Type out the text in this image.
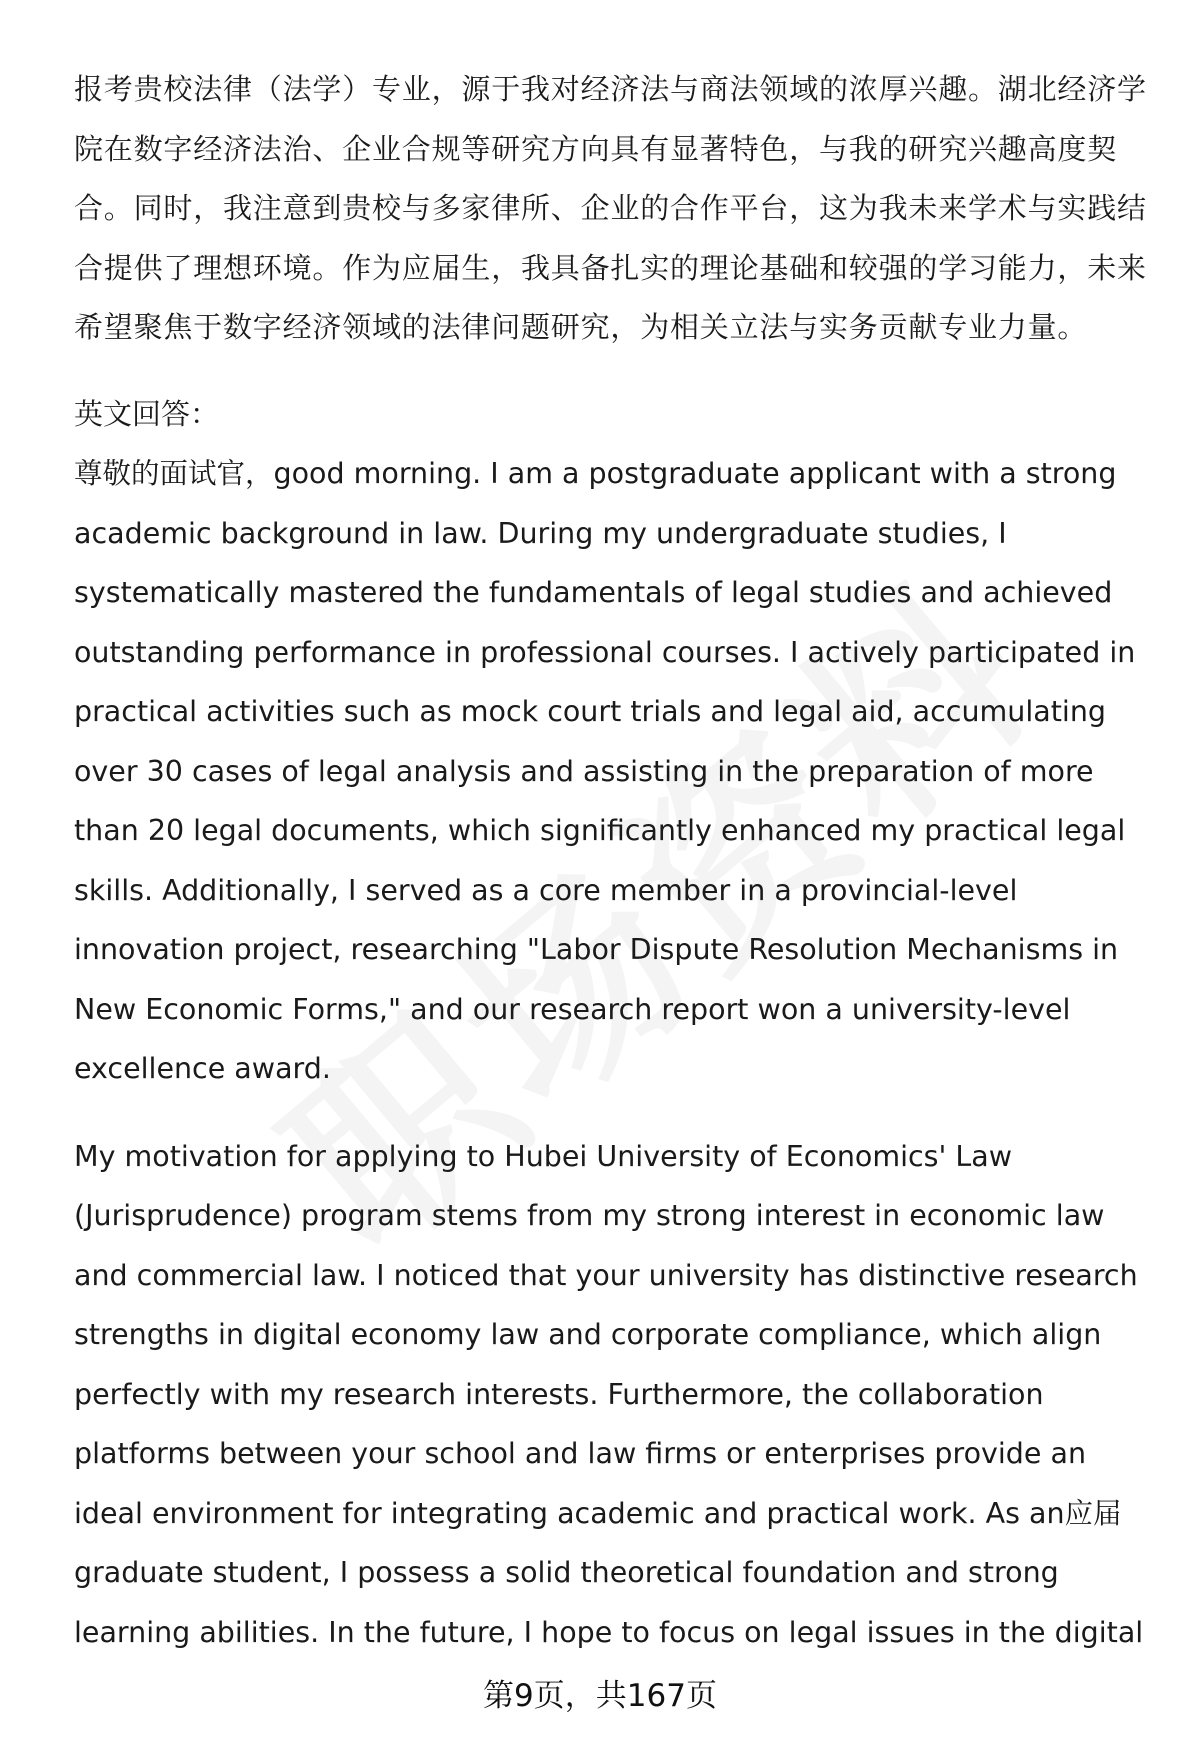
报考贵校法律（法学）专业，源于我对经济法与商法领域的浓厚兴趣。湖北经济学院在数字经济法治、企业合规等研究方向具有显著特色，与我的研究兴趣高度契合。同时，我注意到贵校与多家律所、企业的合作平台，这为我未来学术与实践结合提供了理想环境。作为应届生，我具备扎实的理论基础和较强的学习能力，未来希望聚焦于数字经济领域的法律问题研究，为相关立法与实务贡献专业力量。

英文回答：

尊敬的面试官，good morning. I am a postgraduate applicant with a strong academic background in law. During my undergraduate studies, I systematically mastered the fundamentals of legal studies and achieved outstanding performance in professional courses. I actively participated in practical activities such as mock court trials and legal aid, accumulating over 30 cases of legal analysis and assisting in the preparation of more than 20 legal documents, which significantly enhanced my practical legal skills. Additionally, I served as a core member in a provincial-level innovation project, researching "Labor Dispute Resolution Mechanisms in New Economic Forms," and our research report won a university-level excellence award.

My motivation for applying to Hubei University of Economics' Law (Jurisprudence) program stems from my strong interest in economic law and commercial law. I noticed that your university has distinctive research strengths in digital economy law and corporate compliance, which align perfectly with my research interests. Furthermore, the collaboration platforms between your school and law firms or enterprises provide an ideal environment for integrating academic and practical work. As an应届 graduate student, I possess a solid theoretical foundation and strong learning abilities. In the future, I hope to focus on legal issues in the digital

第9页，共167页
